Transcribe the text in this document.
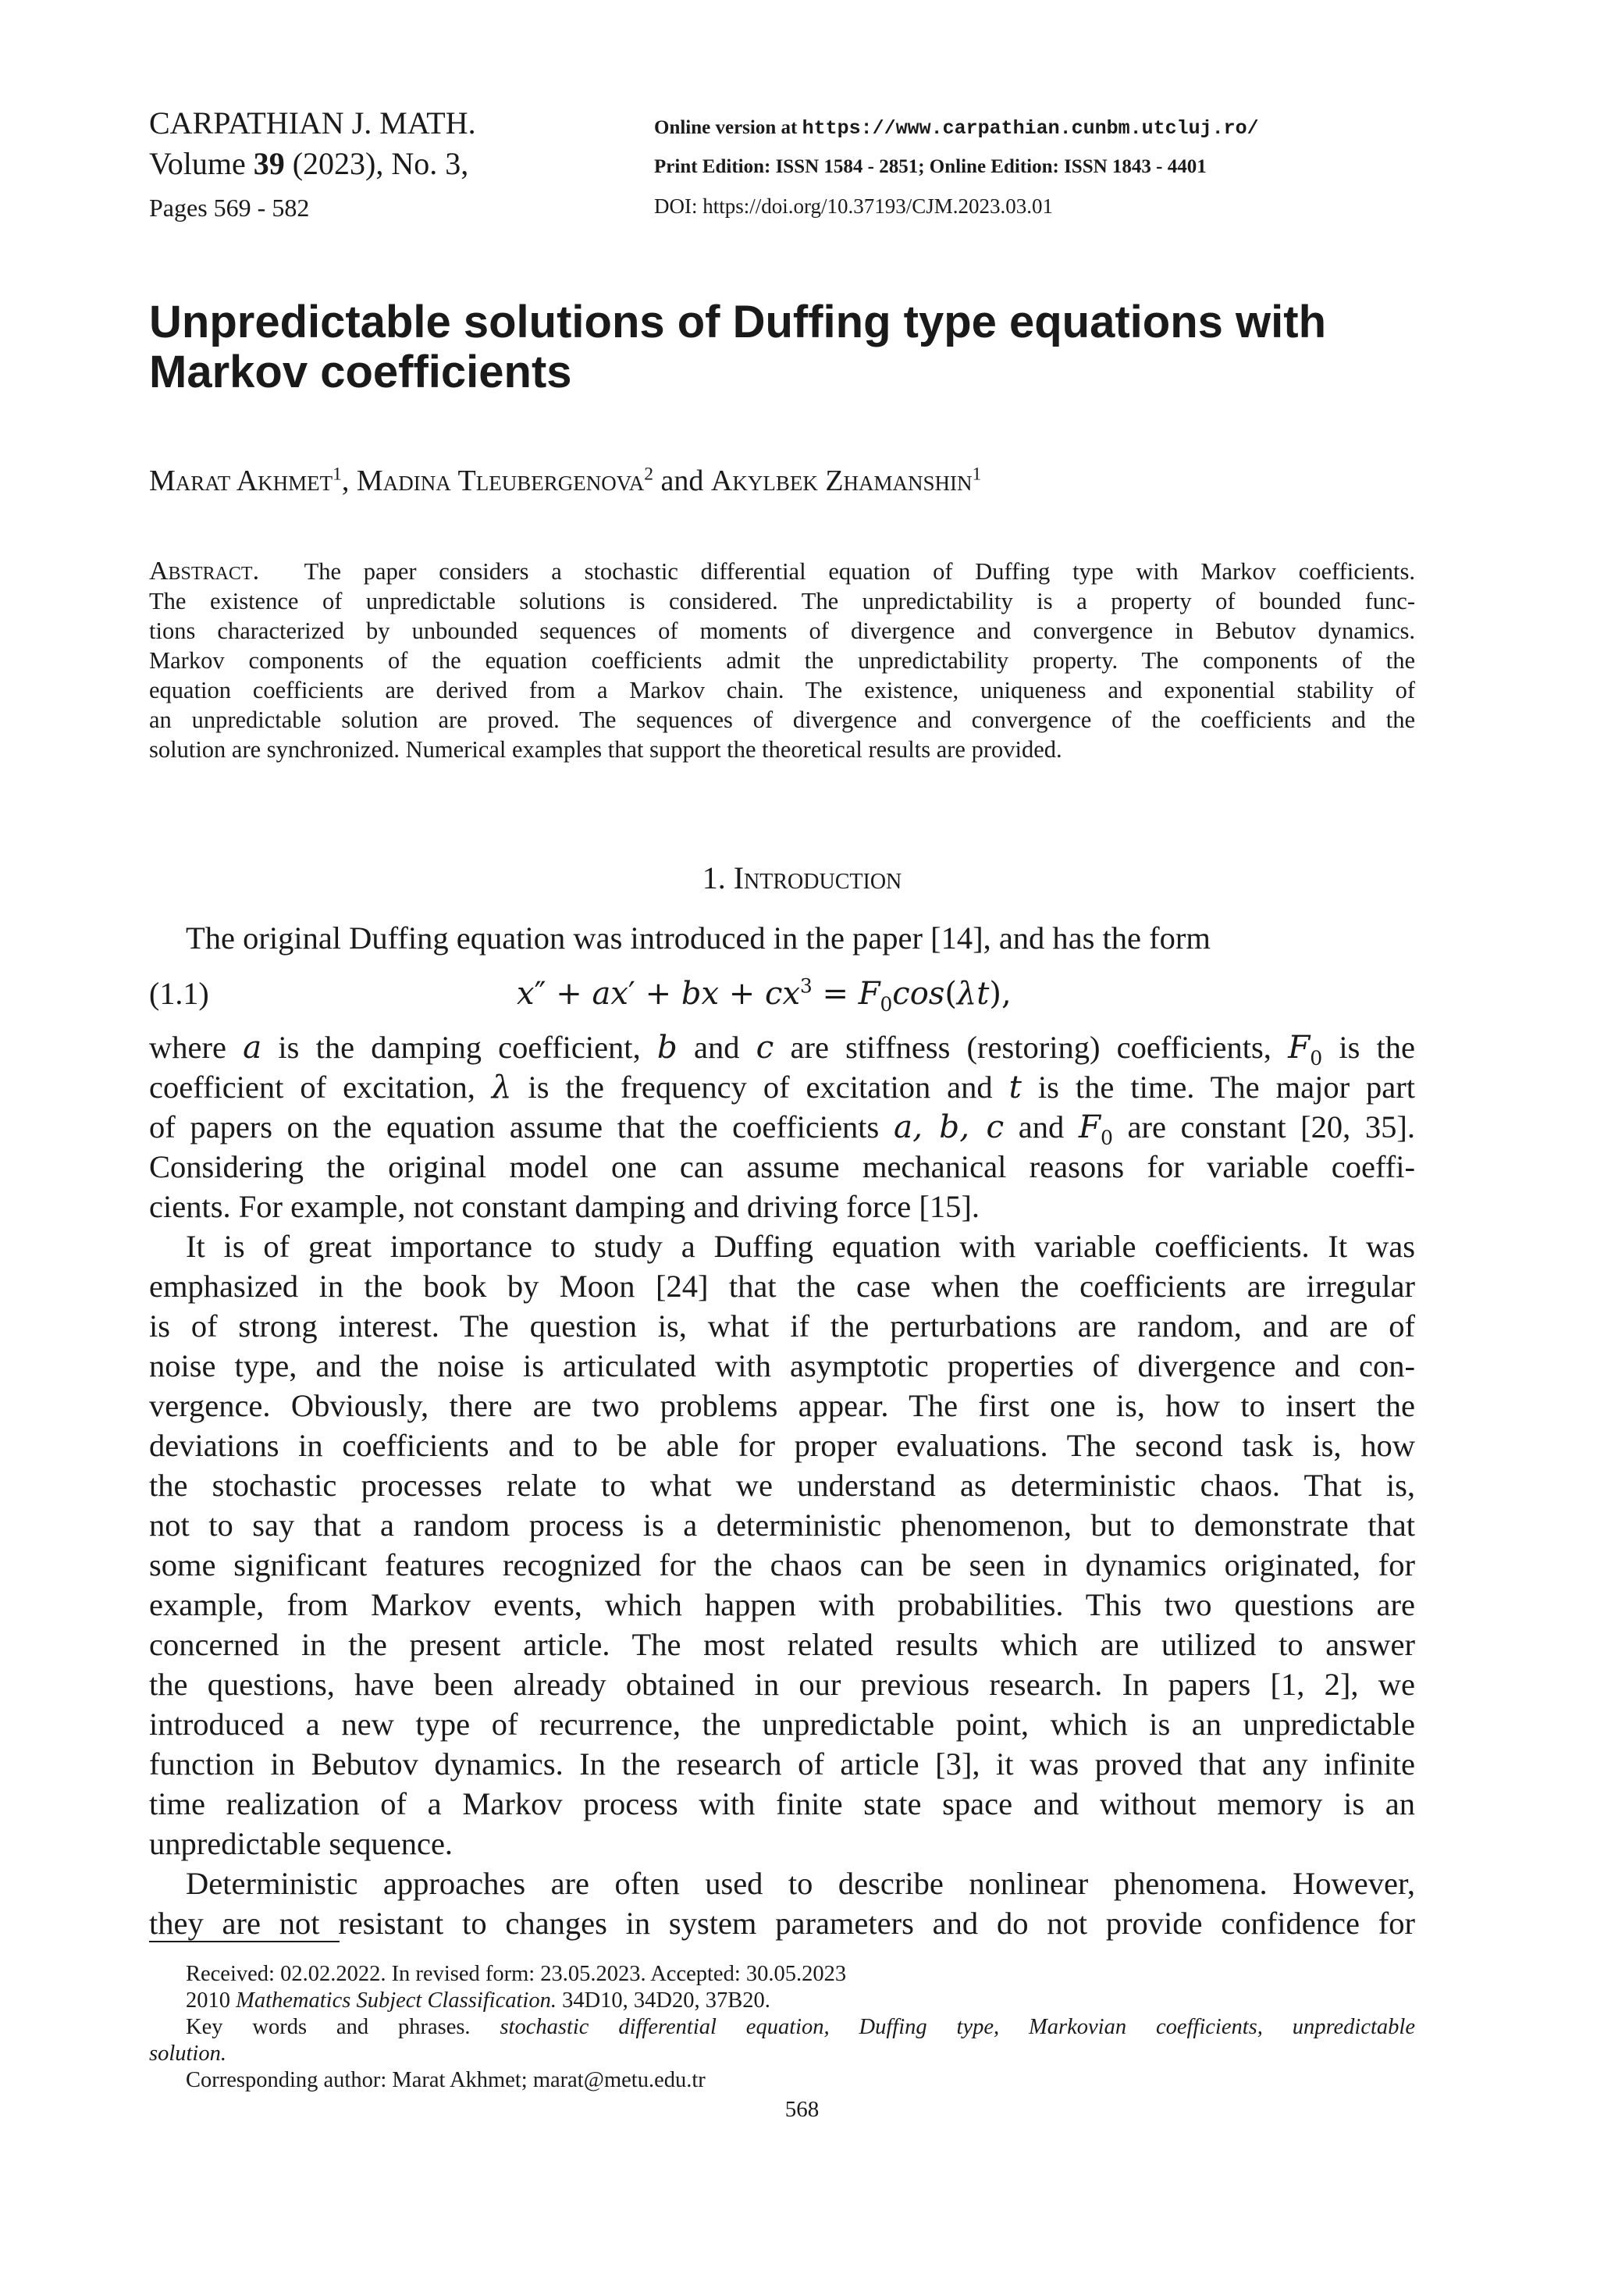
CARPATHIAN J. MATH.
Volume 39 (2023), No. 3,
Pages 569 - 582
Online version at https://www.carpathian.cunbm.utcluj.ro/
Print Edition: ISSN 1584 - 2851; Online Edition: ISSN 1843 - 4401
DOI: https://doi.org/10.37193/CJM.2023.03.01
Unpredictable solutions of Duffing type equations with
Markov coefficients
Marat Akhmet$^1$, Madina Tleubergenova$^2$ and Akylbek Zhamanshin$^1$
Abstract. The paper considers a stochastic differential equation of Duffing type with Markov coefficients.
The existence of unpredictable solutions is considered. The unpredictability is a property of bounded func-
tions characterized by unbounded sequences of moments of divergence and convergence in Bebutov dynamics.
Markov components of the equation coefficients admit the unpredictability property. The components of the
equation coefficients are derived from a Markov chain. The existence, uniqueness and exponential stability of
an unpredictable solution are proved. The sequences of divergence and convergence of the coefficients and the
solution are synchronized. Numerical examples that support the theoretical results are provided.
1. Introduction
The original Duffing equation was introduced in the paper [14], and has the form
(1.1)	x″ + ax′ + bx + $cx^3 = F_0\cos(\lambda t)$,
where a is the damping coefficient, b and c are stiffness (restoring) coefficients, $F_0$ is the
coefficient of excitation, λ is the frequency of excitation and t is the time. The major part
of papers on the equation assume that the coefficients a, b, c and $F_0$ are constant [20, 35].
Considering the original model one can assume mechanical reasons for variable coeffi-
cients. For example, not constant damping and driving force [15].
It is of great importance to study a Duffing equation with variable coefficients. It was
emphasized in the book by Moon [24] that the case when the coefficients are irregular
is of strong interest. The question is, what if the perturbations are random, and are of
noise type, and the noise is articulated with asymptotic properties of divergence and con-
vergence. Obviously, there are two problems appear. The first one is, how to insert the
deviations in coefficients and to be able for proper evaluations. The second task is, how
the stochastic processes relate to what we understand as deterministic chaos. That is,
not to say that a random process is a deterministic phenomenon, but to demonstrate that
some significant features recognized for the chaos can be seen in dynamics originated, for
example, from Markov events, which happen with probabilities. This two questions are
concerned in the present article. The most related results which are utilized to answer
the questions, have been already obtained in our previous research. In papers [1, 2], we
introduced a new type of recurrence, the unpredictable point, which is an unpredictable
function in Bebutov dynamics. In the research of article [3], it was proved that any infinite
time realization of a Markov process with finite state space and without memory is an
unpredictable sequence.
Deterministic approaches are often used to describe nonlinear phenomena. However,
they are not resistant to changes in system parameters and do not provide confidence for
Received: 02.02.2022. In revised form: 23.05.2023. Accepted: 30.05.2023
2010 Mathematics Subject Classification. 34D10, 34D20, 37B20.
Key words and phrases. stochastic differential equation, Duffing type, Markovian coefficients, unpredictable
solution.
Corresponding author: Marat Akhmet; marat@metu.edu.tr
568
